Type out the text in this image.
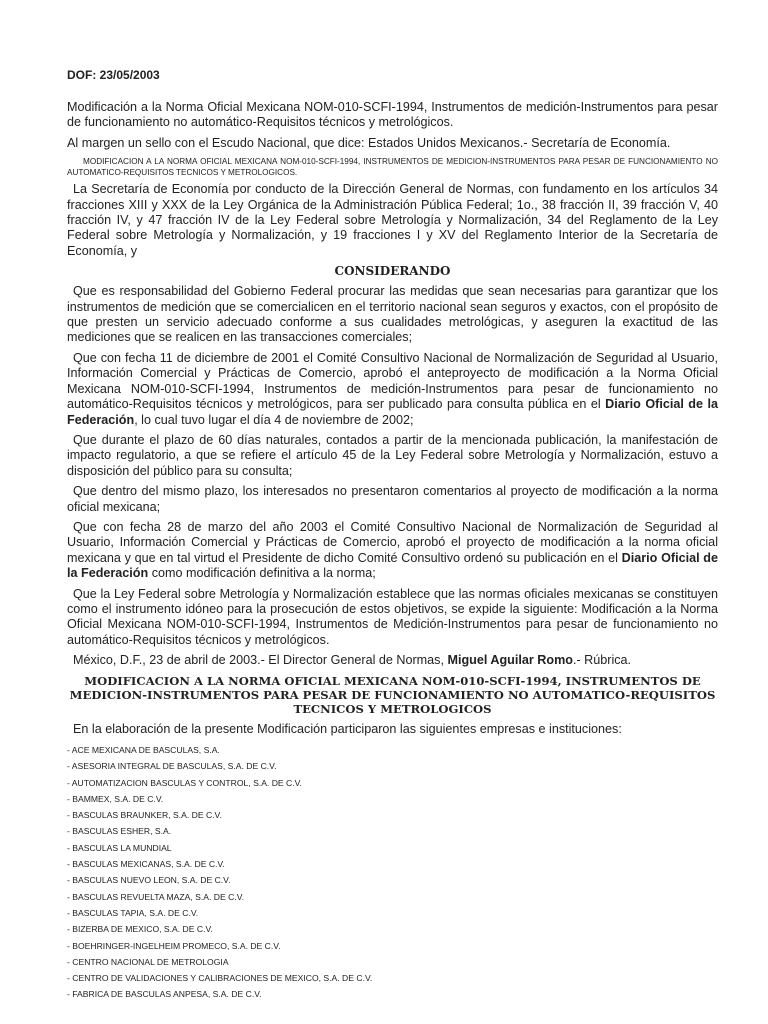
DOF: 23/05/2003

Modificación a la Norma Oficial Mexicana NOM-010-SCFI-1994, Instrumentos de medición-Instrumentos para pesar de funcionamiento no automático-Requisitos técnicos y metrológicos.

Al margen un sello con el Escudo Nacional, que dice: Estados Unidos Mexicanos.- Secretaría de Economía.

MODIFICACION A LA NORMA OFICIAL MEXICANA NOM-010-SCFI-1994, INSTRUMENTOS DE MEDICION-INSTRUMENTOS PARA PESAR DE FUNCIONAMIENTO NO AUTOMATICO-REQUISITOS TECNICOS Y METROLOGICOS.

La Secretaría de Economía por conducto de la Dirección General de Normas, con fundamento en los artículos 34 fracciones XIII y XXX de la Ley Orgánica de la Administración Pública Federal; 1o., 38 fracción II, 39 fracción V, 40 fracción IV, y 47 fracción IV de la Ley Federal sobre Metrología y Normalización, 34 del Reglamento de la Ley Federal sobre Metrología y Normalización, y 19 fracciones I y XV del Reglamento Interior de la Secretaría de Economía, y

CONSIDERANDO

Que es responsabilidad del Gobierno Federal procurar las medidas que sean necesarias para garantizar que los instrumentos de medición que se comercialicen en el territorio nacional sean seguros y exactos, con el propósito de que presten un servicio adecuado conforme a sus cualidades metrológicas, y aseguren la exactitud de las mediciones que se realicen en las transacciones comerciales;

Que con fecha 11 de diciembre de 2001 el Comité Consultivo Nacional de Normalización de Seguridad al Usuario, Información Comercial y Prácticas de Comercio, aprobó el anteproyecto de modificación a la Norma Oficial Mexicana NOM-010-SCFI-1994, Instrumentos de medición-Instrumentos para pesar de funcionamiento no automático-Requisitos técnicos y metrológicos, para ser publicado para consulta pública en el Diario Oficial de la Federación, lo cual tuvo lugar el día 4 de noviembre de 2002;

Que durante el plazo de 60 días naturales, contados a partir de la mencionada publicación, la manifestación de impacto regulatorio, a que se refiere el artículo 45 de la Ley Federal sobre Metrología y Normalización, estuvo a disposición del público para su consulta;

Que dentro del mismo plazo, los interesados no presentaron comentarios al proyecto de modificación a la norma oficial mexicana;

Que con fecha 28 de marzo del año 2003 el Comité Consultivo Nacional de Normalización de Seguridad al Usuario, Información Comercial y Prácticas de Comercio, aprobó el proyecto de modificación a la norma oficial mexicana y que en tal virtud el Presidente de dicho Comité Consultivo ordenó su publicación en el Diario Oficial de la Federación como modificación definitiva a la norma;

Que la Ley Federal sobre Metrología y Normalización establece que las normas oficiales mexicanas se constituyen como el instrumento idóneo para la prosecución de estos objetivos, se expide la siguiente: Modificación a la Norma Oficial Mexicana NOM-010-SCFI-1994, Instrumentos de Medición-Instrumentos para pesar de funcionamiento no automático-Requisitos técnicos y metrológicos.

México, D.F., 23 de abril de 2003.- El Director General de Normas, Miguel Aguilar Romo.- Rúbrica.

MODIFICACION A LA NORMA OFICIAL MEXICANA NOM-010-SCFI-1994, INSTRUMENTOS DE MEDICION-INSTRUMENTOS PARA PESAR DE FUNCIONAMIENTO NO AUTOMATICO-REQUISITOS TECNICOS Y METROLOGICOS

En la elaboración de la presente Modificación participaron las siguientes empresas e instituciones:

- ACE MEXICANA DE BASCULAS, S.A.
- ASESORIA INTEGRAL DE BASCULAS, S.A. DE C.V.
- AUTOMATIZACION BASCULAS Y CONTROL, S.A. DE C.V.
- BAMMEX, S.A. DE C.V.
- BASCULAS BRAUNKER, S.A. DE C.V.
- BASCULAS ESHER, S.A.
- BASCULAS LA MUNDIAL
- BASCULAS MEXICANAS, S.A. DE C.V.
- BASCULAS NUEVO LEON, S.A. DE C.V.
- BASCULAS REVUELTA MAZA, S.A. DE C.V.
- BASCULAS TAPIA, S.A. DE C.V.
- BIZERBA DE MEXICO, S.A. DE C.V.
- BOEHRINGER-INGELHEIM PROMECO, S.A. DE C.V.
- CENTRO NACIONAL DE METROLOGIA
- CENTRO DE VALIDACIONES Y CALIBRACIONES DE MEXICO, S.A. DE C.V.
- FABRICA DE BASCULAS ANPESA, S.A. DE C.V.
